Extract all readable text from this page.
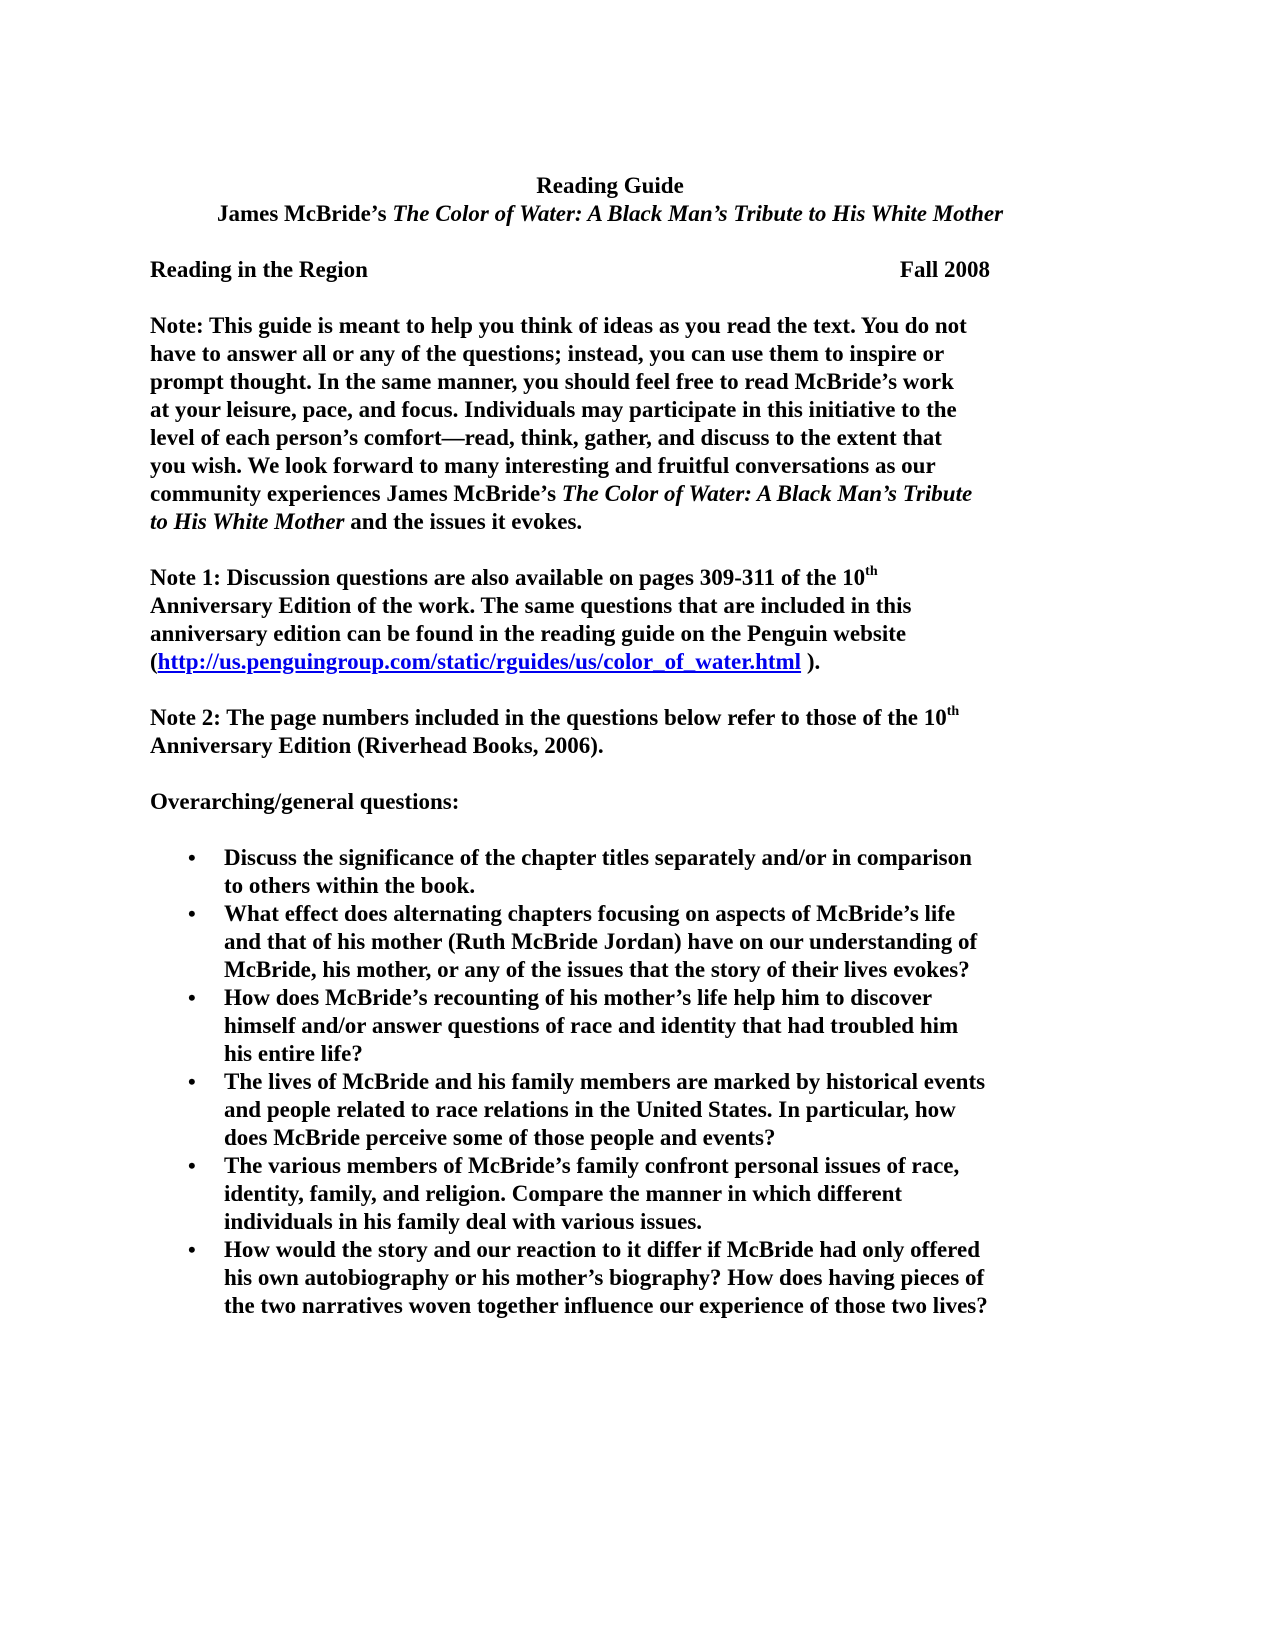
Reading Guide
James McBride’s The Color of Water: A Black Man’s Tribute to His White Mother
Reading in the Region	Fall 2008
Note: This guide is meant to help you think of ideas as you read the text. You do not
have to answer all or any of the questions; instead, you can use them to inspire or
prompt thought. In the same manner, you should feel free to read McBride’s work
at your leisure, pace, and focus. Individuals may participate in this initiative to the
level of each person’s comfort—read, think, gather, and discuss to the extent that
you wish. We look forward to many interesting and fruitful conversations as our
community experiences James McBride’s The Color of Water: A Black Man’s Tribute
to His White Mother and the issues it evokes.
Note 1: Discussion questions are also available on pages 309-311 of the 10th
Anniversary Edition of the work. The same questions that are included in this
anniversary edition can be found in the reading guide on the Penguin website
(http://us.penguingroup.com/static/rguides/us/color_of_water.html ).
Note 2: The page numbers included in the questions below refer to those of the 10th
Anniversary Edition (Riverhead Books, 2006).
Overarching/general questions:
• Discuss the significance of the chapter titles separately and/or in comparison
to others within the book.
• What effect does alternating chapters focusing on aspects of McBride’s life
and that of his mother (Ruth McBride Jordan) have on our understanding of
McBride, his mother, or any of the issues that the story of their lives evokes?
• How does McBride’s recounting of his mother’s life help him to discover
himself and/or answer questions of race and identity that had troubled him
his entire life?
• The lives of McBride and his family members are marked by historical events
and people related to race relations in the United States. In particular, how
does McBride perceive some of those people and events?
• The various members of McBride’s family confront personal issues of race,
identity, family, and religion. Compare the manner in which different
individuals in his family deal with various issues.
• How would the story and our reaction to it differ if McBride had only offered
his own autobiography or his mother’s biography? How does having pieces of
the two narratives woven together influence our experience of those two lives?
